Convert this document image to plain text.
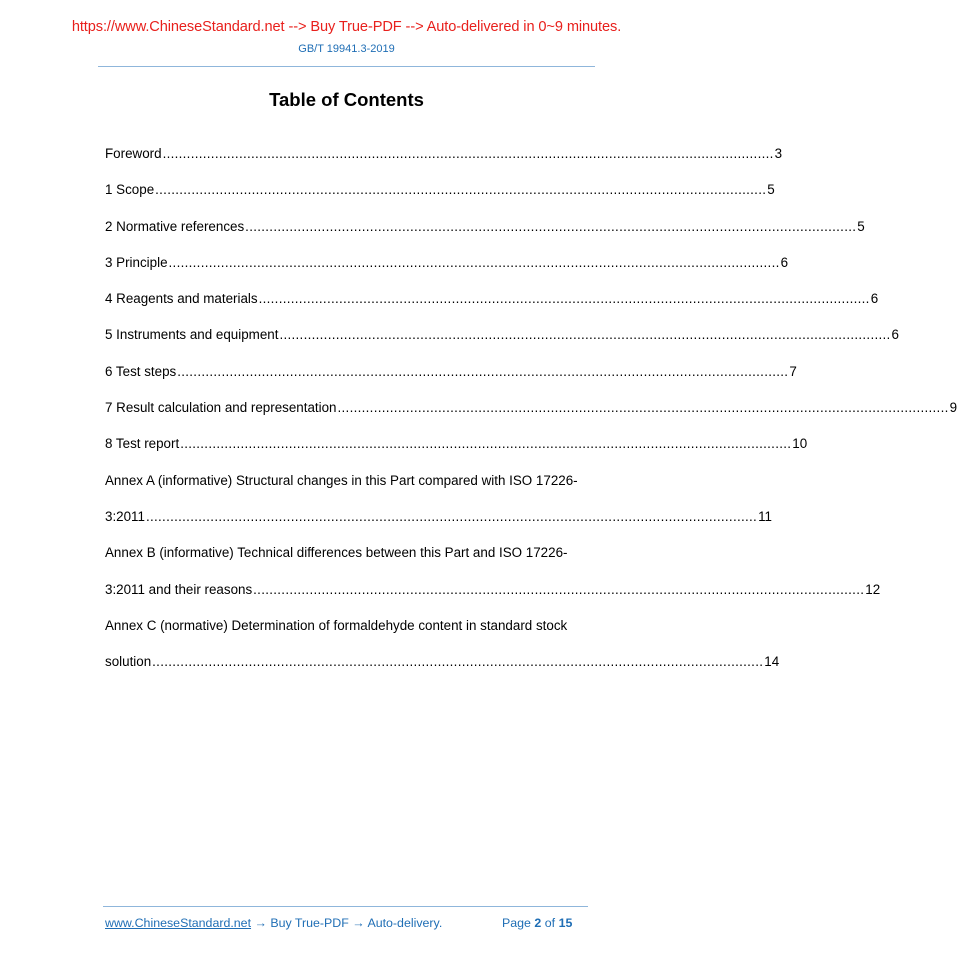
https://www.ChineseStandard.net --> Buy True-PDF --> Auto-delivered in 0~9 minutes.
GB/T 19941.3-2019
Table of Contents
Foreword ........................................................................................................................................................ 3
1 Scope ........................................................................................................................................................ 5
2 Normative references ........................................................................................................................................................ 5
3 Principle ........................................................................................................................................................ 6
4 Reagents and materials ........................................................................................................................................................ 6
5 Instruments and equipment ........................................................................................................................................................ 6
6 Test steps ........................................................................................................................................................ 7
7 Result calculation and representation ........................................................................................................................................................ 9
8 Test report ........................................................................................................................................................ 10
Annex A (informative) Structural changes in this Part compared with ISO 17226-
3:2011 ........................................................................................................................................................ 11
Annex B (informative) Technical differences between this Part and ISO 17226-
3:2011 and their reasons ........................................................................................................................................................ 12
Annex C (normative) Determination of formaldehyde content in standard stock
solution ........................................................................................................................................................ 14
www.ChineseStandard.net → Buy True-PDF → Auto-delivery.	Page 2 of 15
